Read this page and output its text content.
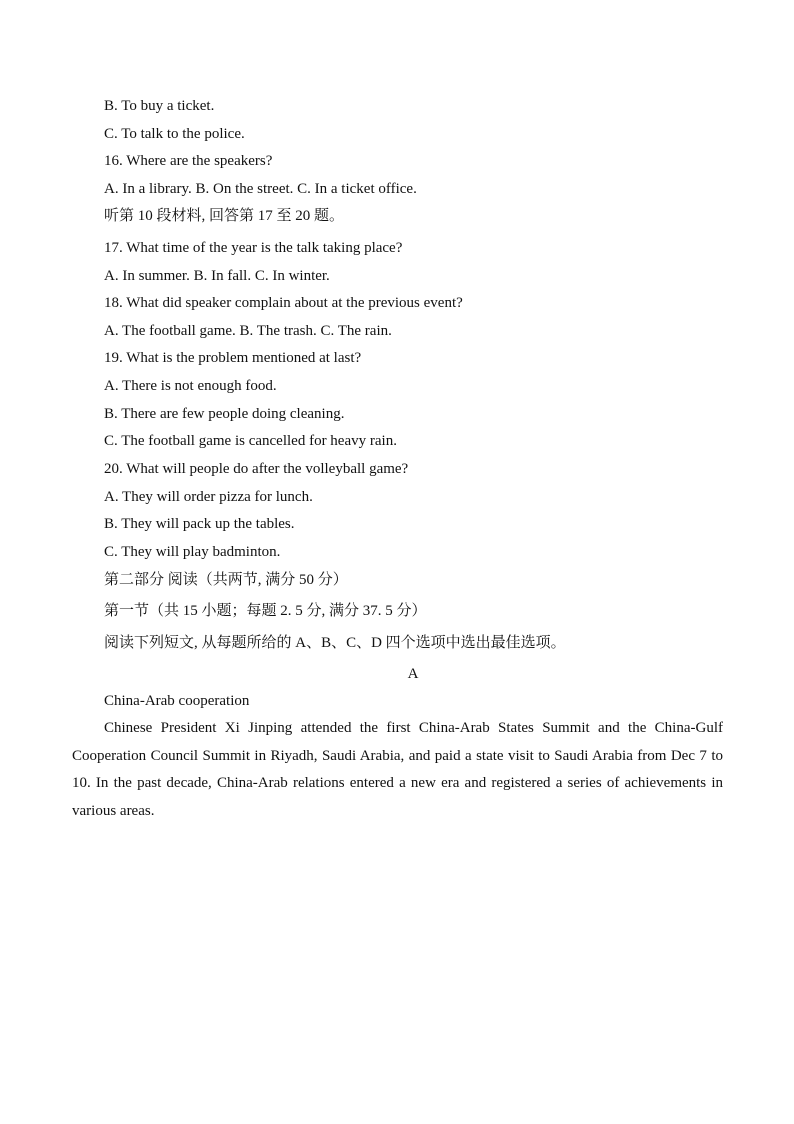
B. To buy a ticket.
C. To talk to the police.
16. Where are the speakers?
A. In a library. B. On the street. C. In a ticket office.
听第 10 段材料, 回答第 17 至 20 题。
17. What time of the year is the talk taking place?
A. In summer. B. In fall. C. In winter.
18. What did speaker complain about at the previous event?
A. The football game. B. The trash. C. The rain.
19. What is the problem mentioned at last?
A. There is not enough food.
B. There are few people doing cleaning.
C. The football game is cancelled for heavy rain.
20. What will people do after the volleyball game?
A. They will order pizza for lunch.
B. They will pack up the tables.
C. They will play badminton.
第二部分 阅读（共两节, 满分 50 分）
第一节（共 15 小题；每题 2. 5 分, 满分 37. 5 分）
阅读下列短文, 从每题所给的 A、B、C、D 四个选项中选出最佳选项。
A
China-Arab cooperation
Chinese President Xi Jinping attended the first China-Arab States Summit and the China-Gulf Cooperation Council Summit in Riyadh, Saudi Arabia, and paid a state visit to Saudi Arabia from Dec 7 to 10. In the past decade, China-Arab relations entered a new era and registered a series of achievements in various areas.
